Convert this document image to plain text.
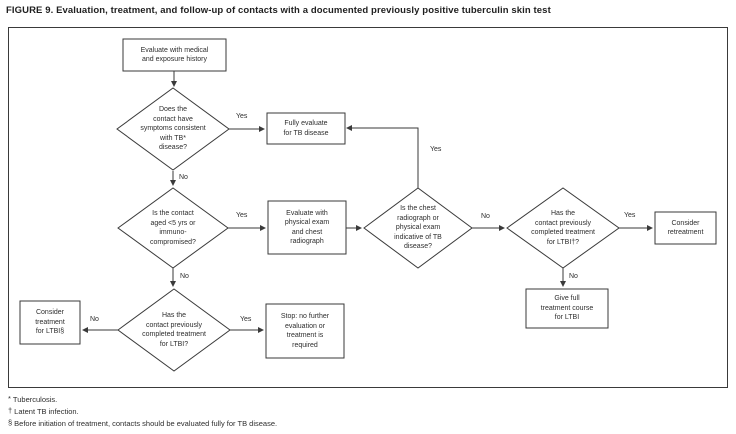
FIGURE 9. Evaluation, treatment, and follow-up of contacts with a documented previously positive tuberculin skin test
Evaluate with medical
and exposure history
Does the
contact have
symptoms consistent
with TB*
disease?
Fully evaluate
for TB disease
Is the contact
aged <5 yrs or
immuno-
compromised?
Evaluate with
physical exam
and chest
radiograph
Is the chest
radiograph or
physical exam
indicative of TB
disease?
Has the
contact previously
completed treatment
for LTBI†?
Consider
retreatment
Give full
treatment course
for LTBI
Has the
contact previously
completed treatment
for LTBI?
Consider
treatment
for LTBI§
Stop: no further
evaluation or
treatment is
required
Yes
No
Yes
No
Yes
No	Yes
No
No	Yes
* Tuberculosis.
† Latent TB infection.
§ Before initiation of treatment, contacts should be evaluated fully for TB disease.
